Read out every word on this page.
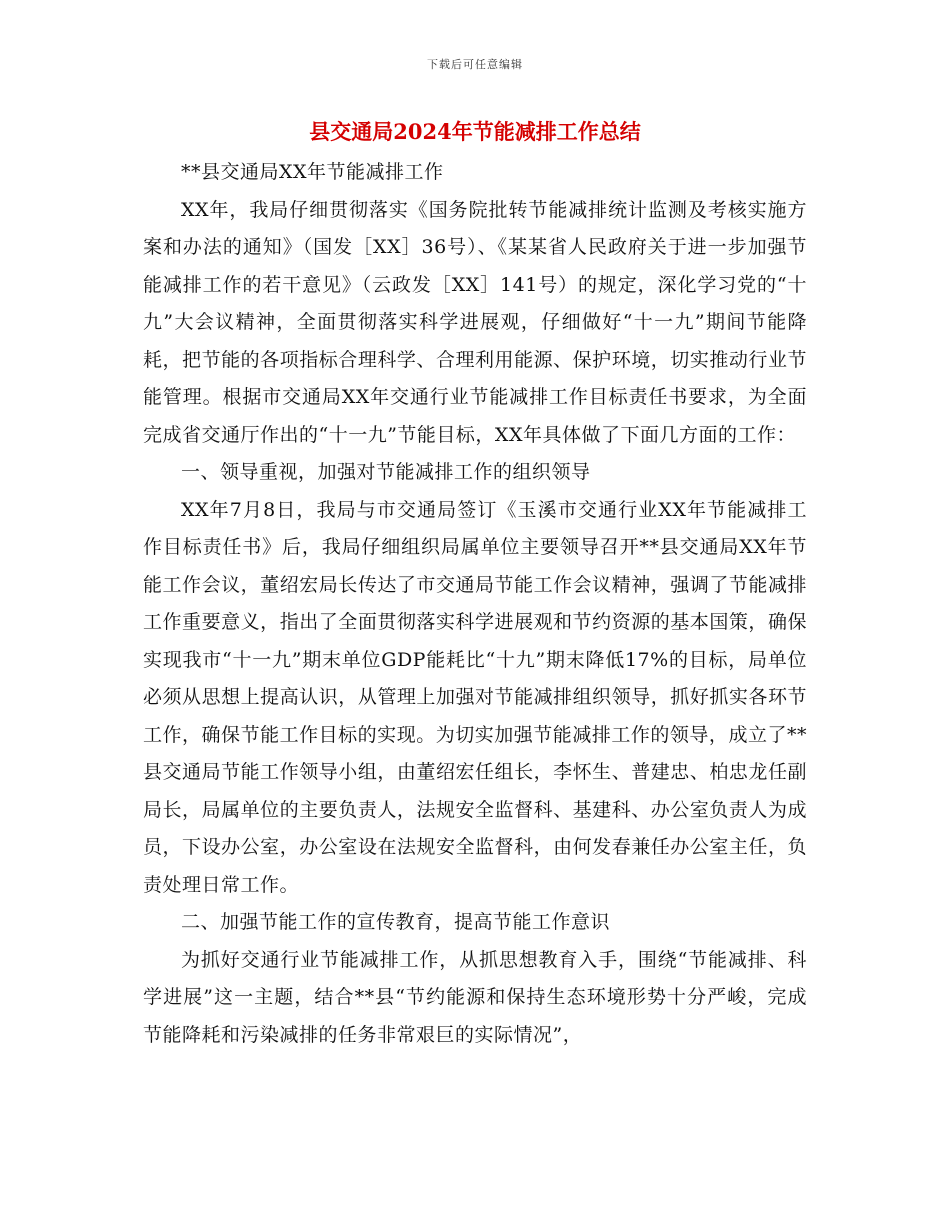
下载后可任意编辑
县交通局2024年节能减排工作总结

**县交通局XX年节能减排工作

XX年，我局仔细贯彻落实《国务院批转节能减排统计监测及考核实施方案和办法的通知》（国发［XX］36号）、《某某省人民政府关于进一步加强节能减排工作的若干意见》（云政发［XX］141号）的规定，深化学习党的“十九”大会议精神，全面贯彻落实科学进展观，仔细做好“十一九”期间节能降耗，把节能的各项指标合理科学、合理利用能源、保护环境，切实推动行业节能管理。根据市交通局XX年交通行业节能减排工作目标责任书要求，为全面完成省交通厅作出的“十一九”节能目标，XX年具体做了下面几方面的工作：

一、领导重视，加强对节能减排工作的组织领导

XX年7月8日，我局与市交通局签订《玉溪市交通行业XX年节能减排工作目标责任书》后，我局仔细组织局属单位主要领导召开**县交通局XX年节能工作会议，董绍宏局长传达了市交通局节能工作会议精神，强调了节能减排工作重要意义，指出了全面贯彻落实科学进展观和节约资源的基本国策，确保实现我市“十一九”期末单位GDP能耗比“十九”期末降低17%的目标，局单位必须从思想上提高认识，从管理上加强对节能减排组织领导，抓好抓实各环节工作，确保节能工作目标的实现。为切实加强节能减排工作的领导，成立了**县交通局节能工作领导小组，由董绍宏任组长，李怀生、普建忠、柏忠龙任副局长，局属单位的主要负责人，法规安全监督科、基建科、办公室负责人为成员，下设办公室，办公室设在法规安全监督科，由何发春兼任办公室主任，负责处理日常工作。

二、加强节能工作的宣传教育，提高节能工作意识

为抓好交通行业节能减排工作，从抓思想教育入手，围绕“节能减排、科学进展”这一主题，结合**县“节约能源和保持生态环境形势十分严峻，完成节能降耗和污染减排的任务非常艰巨的实际情况”，
